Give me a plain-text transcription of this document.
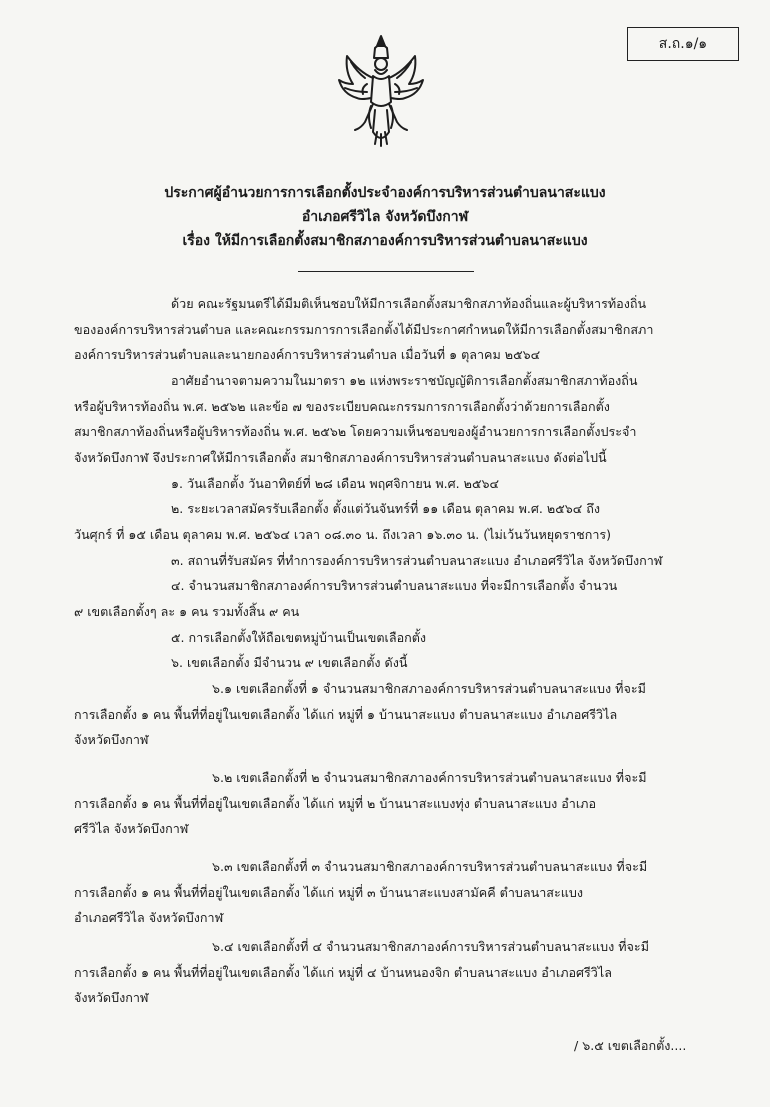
ส.ถ.๑/๑
ประกาศผู้อำนวยการการเลือกตั้งประจำองค์การบริหารส่วนตำบลนาสะแบง
อำเภอศรีวิไล จังหวัดบึงกาฬ
เรื่อง ให้มีการเลือกตั้งสมาชิกสภาองค์การบริหารส่วนตำบลนาสะแบง
ด้วย คณะรัฐมนตรีได้มีมติเห็นชอบให้มีการเลือกตั้งสมาชิกสภาท้องถิ่นและผู้บริหารท้องถิ่น
ขององค์การบริหารส่วนตำบล และคณะกรรมการการเลือกตั้งได้มีประกาศกำหนดให้มีการเลือกตั้งสมาชิกสภา
องค์การบริหารส่วนตำบลและนายกองค์การบริหารส่วนตำบล เมื่อวันที่ ๑ ตุลาคม ๒๕๖๔
อาศัยอำนาจตามความในมาตรา ๑๒ แห่งพระราชบัญญัติการเลือกตั้งสมาชิกสภาท้องถิ่น
หรือผู้บริหารท้องถิ่น พ.ศ. ๒๕๖๒ และข้อ ๗ ของระเบียบคณะกรรมการการเลือกตั้งว่าด้วยการเลือกตั้ง
สมาชิกสภาท้องถิ่นหรือผู้บริหารท้องถิ่น พ.ศ. ๒๕๖๒ โดยความเห็นชอบของผู้อำนวยการการเลือกตั้งประจำ
จังหวัดบึงกาฬ จึงประกาศให้มีการเลือกตั้ง สมาชิกสภาองค์การบริหารส่วนตำบลนาสะแบง ดังต่อไปนี้
๑. วันเลือกตั้ง วันอาทิตย์ที่ ๒๘ เดือน พฤศจิกายน พ.ศ. ๒๕๖๔
๒. ระยะเวลาสมัครรับเลือกตั้ง ตั้งแต่วันจันทร์ที่ ๑๑ เดือน ตุลาคม พ.ศ. ๒๕๖๔ ถึง
วันศุกร์ ที่ ๑๕ เดือน ตุลาคม พ.ศ. ๒๕๖๔ เวลา ๐๘.๓๐ น. ถึงเวลา ๑๖.๓๐ น. (ไม่เว้นวันหยุดราชการ)
๓. สถานที่รับสมัคร ที่ทำการองค์การบริหารส่วนตำบลนาสะแบง อำเภอศรีวิไล จังหวัดบึงกาฬ
๔. จำนวนสมาชิกสภาองค์การบริหารส่วนตำบลนาสะแบง ที่จะมีการเลือกตั้ง จำนวน
๙ เขตเลือกตั้งๆ ละ ๑ คน รวมทั้งสิ้น ๙ คน
๕. การเลือกตั้งให้ถือเขตหมู่บ้านเป็นเขตเลือกตั้ง
๖. เขตเลือกตั้ง มีจำนวน ๙ เขตเลือกตั้ง ดังนี้
๖.๑ เขตเลือกตั้งที่ ๑ จำนวนสมาชิกสภาองค์การบริหารส่วนตำบลนาสะแบง ที่จะมี
การเลือกตั้ง ๑ คน พื้นที่ที่อยู่ในเขตเลือกตั้ง ได้แก่ หมู่ที่ ๑ บ้านนาสะแบง ตำบลนาสะแบง อำเภอศรีวิไล
จังหวัดบึงกาฬ
๖.๒ เขตเลือกตั้งที่ ๒ จำนวนสมาชิกสภาองค์การบริหารส่วนตำบลนาสะแบง ที่จะมี
การเลือกตั้ง ๑ คน พื้นที่ที่อยู่ในเขตเลือกตั้ง ได้แก่ หมู่ที่ ๒ บ้านนาสะแบงทุ่ง ตำบลนาสะแบง อำเภอ
ศรีวิไล จังหวัดบึงกาฬ
๖.๓ เขตเลือกตั้งที่ ๓ จำนวนสมาชิกสภาองค์การบริหารส่วนตำบลนาสะแบง ที่จะมี
การเลือกตั้ง ๑ คน พื้นที่ที่อยู่ในเขตเลือกตั้ง ได้แก่ หมู่ที่ ๓ บ้านนาสะแบงสามัคคี ตำบลนาสะแบง
อำเภอศรีวิไล จังหวัดบึงกาฬ
๖.๔ เขตเลือกตั้งที่ ๔ จำนวนสมาชิกสภาองค์การบริหารส่วนตำบลนาสะแบง ที่จะมี
การเลือกตั้ง ๑ คน พื้นที่ที่อยู่ในเขตเลือกตั้ง ได้แก่ หมู่ที่ ๔ บ้านหนองจิก ตำบลนาสะแบง อำเภอศรีวิไล
จังหวัดบึงกาฬ
/ ๖.๕ เขตเลือกตั้ง....
